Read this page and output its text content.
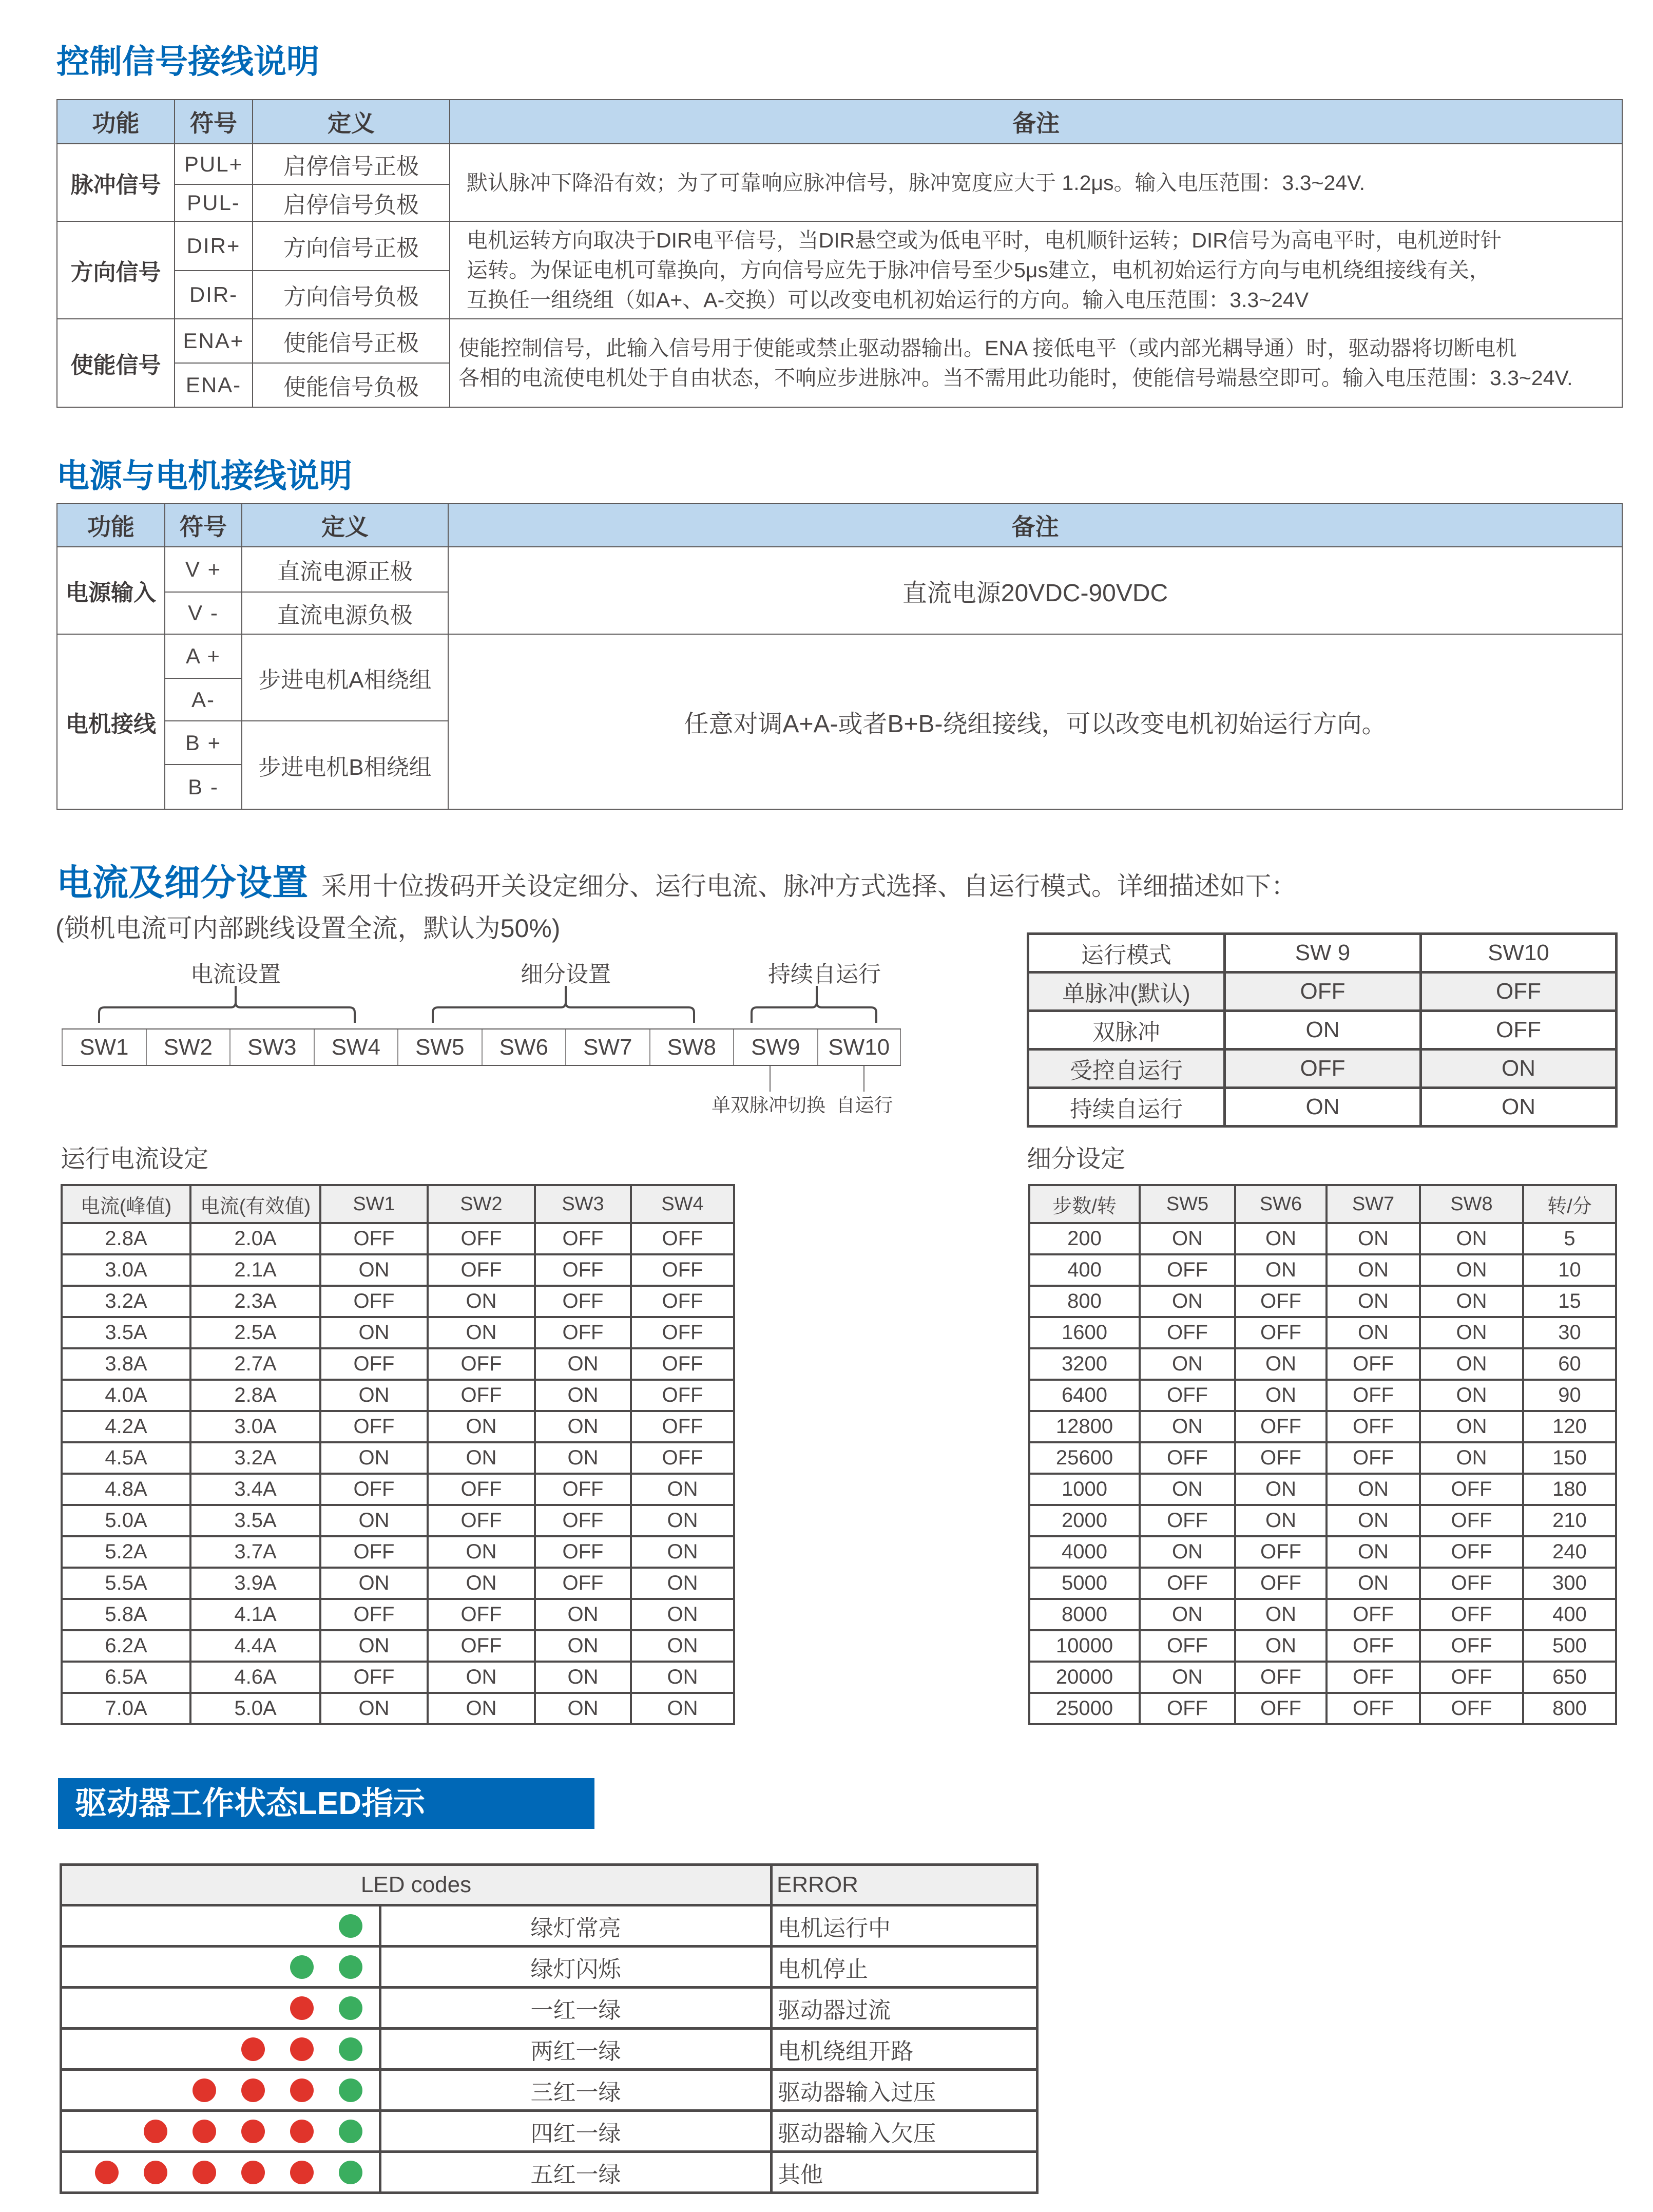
控制信号接线说明
功能	符号	定义	备注
脉冲信号	PUL+	启停信号正极	默认脉冲下降沿有效；为了可靠响应脉冲信号，脉冲宽度应大于 1.2μs。输入电压范围：3.3~24V.

	PUL-	启停信号负极	
方向信号	DIR+	方向信号正极	电机运转方向取决于DIR电平信号，当DIR悬空或为低电平时，电机顺针运转；DIR信号为高电平时，电机逆时针
运转。为保证电机可靠换向，方向信号应先于脉冲信号至少5μs建立，电机初始运行方向与电机绕组接线有关，
互换任一组绕组（如A+、A-交换）可以改变电机初始运行的方向。输入电压范围：3.3~24V

	DIR-	方向信号负极	
使能信号	ENA+	使能信号正极	使能控制信号，此输入信号用于使能或禁止驱动器输出。ENA 接低电平（或内部光耦导通）时，驱动器将切断电机
各相的电流使电机处于自由状态，不响应步进脉冲。当不需用此功能时，使能信号端悬空即可。输入电压范围：3.3~24V.

	ENA-	使能信号负极	
电源与电机接线说明
功能	符号	定义	备注
电源输入	V +	直流电源正极	直流电源20VDC-90VDC
	V -	直流电源负极	
电机接线	A +	步进电机A相绕组	任意对调A+A-或者B+B-绕组接线，可以改变电机初始运行方向。
	A-		
	B +	步进电机B相绕组	
	B -		
电流及细分设置 采用十位拨码开关设定细分、运行电流、脉冲方式选择、自运行模式。详细描述如下：
(锁机电流可内部跳线设置全流，默认为50%)
电流设置	细分设置	持续自运行
SW1	SW2	SW3	SW4	SW5	SW6	SW7	SW8	SW9	SW10
单双脉冲切换 自运行
运行模式	SW 9	SW10
单脉冲(默认)	OFF	OFF
双脉冲	ON	OFF
受控自运行	OFF	ON
持续自运行	ON	ON
运行电流设定
电流(峰值)	电流(有效值)	SW1	SW2	SW3	SW4
2.8A	2.0A	OFF	OFF	OFF	OFF
3.0A	2.1A	ON	OFF	OFF	OFF
3.2A	2.3A	OFF	ON	OFF	OFF
3.5A	2.5A	ON	ON	OFF	OFF
3.8A	2.7A	OFF	OFF	ON	OFF
4.0A	2.8A	ON	OFF	ON	OFF
4.2A	3.0A	OFF	ON	ON	OFF
4.5A	3.2A	ON	ON	ON	OFF
4.8A	3.4A	OFF	OFF	OFF	ON
5.0A	3.5A	ON	OFF	OFF	ON
5.2A	3.7A	OFF	ON	OFF	ON
5.5A	3.9A	ON	ON	OFF	ON
5.8A	4.1A	OFF	OFF	ON	ON
6.2A	4.4A	ON	OFF	ON	ON
6.5A	4.6A	OFF	ON	ON	ON
7.0A	5.0A	ON	ON	ON	ON
细分设定
步数/转	SW5	SW6	SW7	SW8	转/分
200	ON	ON	ON	ON	5
400	OFF	ON	ON	ON	10
800	ON	OFF	ON	ON	15
1600	OFF	OFF	ON	ON	30
3200	ON	ON	OFF	ON	60
6400	OFF	ON	OFF	ON	90
12800	ON	OFF	OFF	ON	120
25600	OFF	OFF	OFF	ON	150
1000	ON	ON	ON	OFF	180
2000	OFF	ON	ON	OFF	210
4000	ON	OFF	ON	OFF	240
5000	OFF	OFF	ON	OFF	300
8000	ON	ON	OFF	OFF	400
10000	OFF	ON	OFF	OFF	500
20000	ON	OFF	OFF	OFF	650
25000	OFF	OFF	OFF	OFF	800
驱动器工作状态LED指示
LED codes		ERROR

	绿灯常亮	电机运行中

	绿灯闪烁	电机停止

	一红一绿	驱动器过流

	两红一绿	电机绕组开路

	三红一绿	驱动器输入过压

	四红一绿	驱动器输入欠压

	五红一绿	其他
